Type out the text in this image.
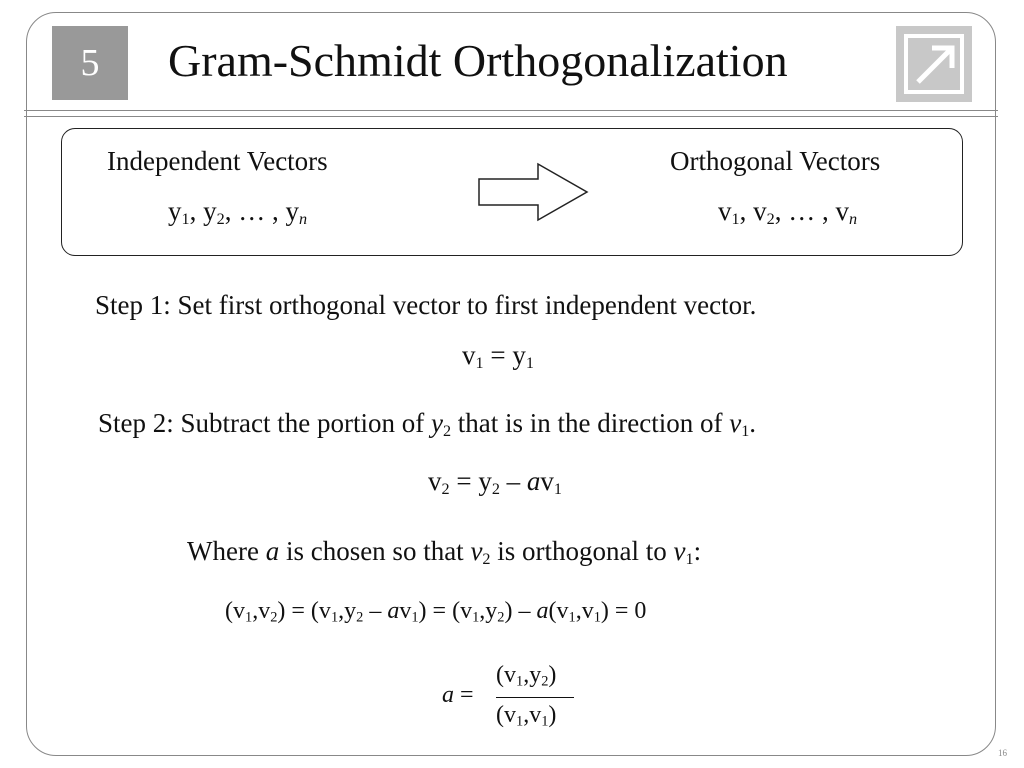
5	Gram-Schmidt Orthogonalization
Independent Vectors	Orthogonal Vectors
$y_1$, $y_2$, … , $y_n$	$v_1$, $v_2$, … , $v_n$
Step 1: Set first orthogonal vector to first independent vector.
$v_1 = y_1$
Step 2: Subtract the portion of $y_2$ that is in the direction of $v_1$.
$v_2 = y_2 - av_1$
Where a is chosen so that $v_2$ is orthogonal to $v_1$:
$(v_1,v_2) = (v_1,y_2 - av_1) = (v_1,y_2) - a(v_1,v_1) = 0$
a =
$(v_1,y_2)$
$(v_1,v_1)$
16
